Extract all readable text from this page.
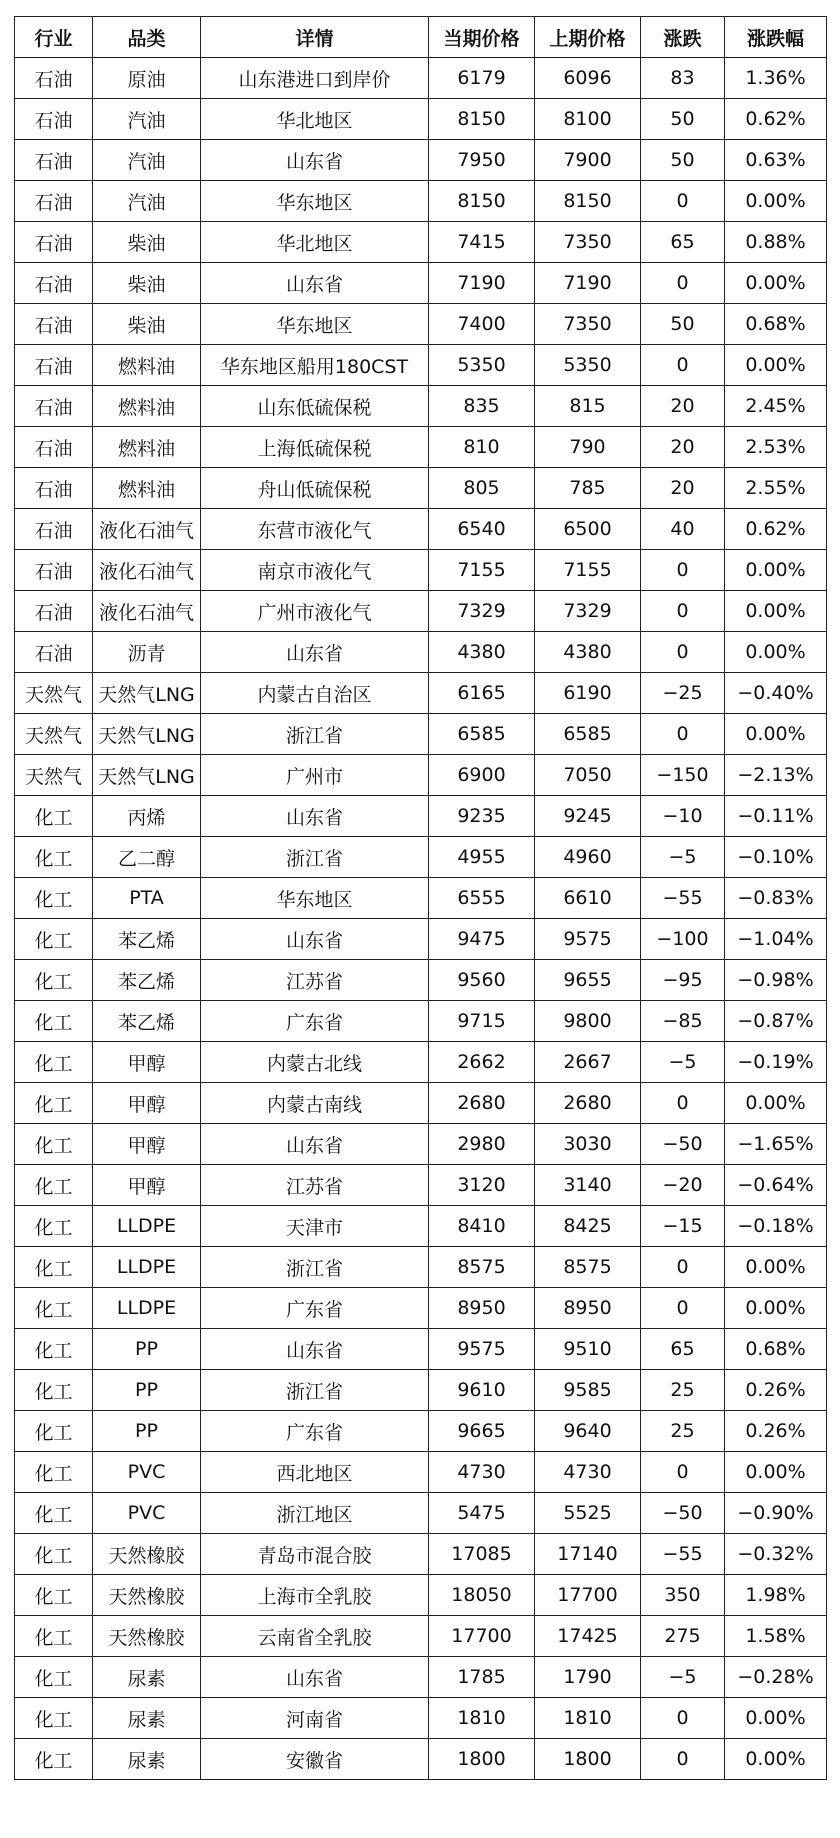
行业	品类	详情	当期价格	上期价格	涨跌	涨跌幅
石油	原油	山东港进口到岸价	6179	6096	83	1.36%
石油	汽油	华北地区	8150	8100	50	0.62%
石油	汽油	山东省	7950	7900	50	0.63%
石油	汽油	华东地区	8150	8150	0	0.00%
石油	柴油	华北地区	7415	7350	65	0.88%
石油	柴油	山东省	7190	7190	0	0.00%
石油	柴油	华东地区	7400	7350	50	0.68%
石油	燃料油	华东地区船用180CST	5350	5350	0	0.00%
石油	燃料油	山东低硫保税	835	815	20	2.45%
石油	燃料油	上海低硫保税	810	790	20	2.53%
石油	燃料油	舟山低硫保税	805	785	20	2.55%
石油	液化石油气	东营市液化气	6540	6500	40	0.62%
石油	液化石油气	南京市液化气	7155	7155	0	0.00%
石油	液化石油气	广州市液化气	7329	7329	0	0.00%
石油	沥青	山东省	4380	4380	0	0.00%
天然气	天然气LNG	内蒙古自治区	6165	6190	−25	−0.40%
天然气	天然气LNG	浙江省	6585	6585	0	0.00%
天然气	天然气LNG	广州市	6900	7050	−150	−2.13%
化工	丙烯	山东省	9235	9245	−10	−0.11%
化工	乙二醇	浙江省	4955	4960	−5	−0.10%
化工	PTA	华东地区	6555	6610	−55	−0.83%
化工	苯乙烯	山东省	9475	9575	−100	−1.04%
化工	苯乙烯	江苏省	9560	9655	−95	−0.98%
化工	苯乙烯	广东省	9715	9800	−85	−0.87%
化工	甲醇	内蒙古北线	2662	2667	−5	−0.19%
化工	甲醇	内蒙古南线	2680	2680	0	0.00%
化工	甲醇	山东省	2980	3030	−50	−1.65%
化工	甲醇	江苏省	3120	3140	−20	−0.64%
化工	LLDPE	天津市	8410	8425	−15	−0.18%
化工	LLDPE	浙江省	8575	8575	0	0.00%
化工	LLDPE	广东省	8950	8950	0	0.00%
化工	PP	山东省	9575	9510	65	0.68%
化工	PP	浙江省	9610	9585	25	0.26%
化工	PP	广东省	9665	9640	25	0.26%
化工	PVC	西北地区	4730	4730	0	0.00%
化工	PVC	浙江地区	5475	5525	−50	−0.90%
化工	天然橡胶	青岛市混合胶	17085	17140	−55	−0.32%
化工	天然橡胶	上海市全乳胶	18050	17700	350	1.98%
化工	天然橡胶	云南省全乳胶	17700	17425	275	1.58%
化工	尿素	山东省	1785	1790	−5	−0.28%
化工	尿素	河南省	1810	1810	0	0.00%
化工	尿素	安徽省	1800	1800	0	0.00%
